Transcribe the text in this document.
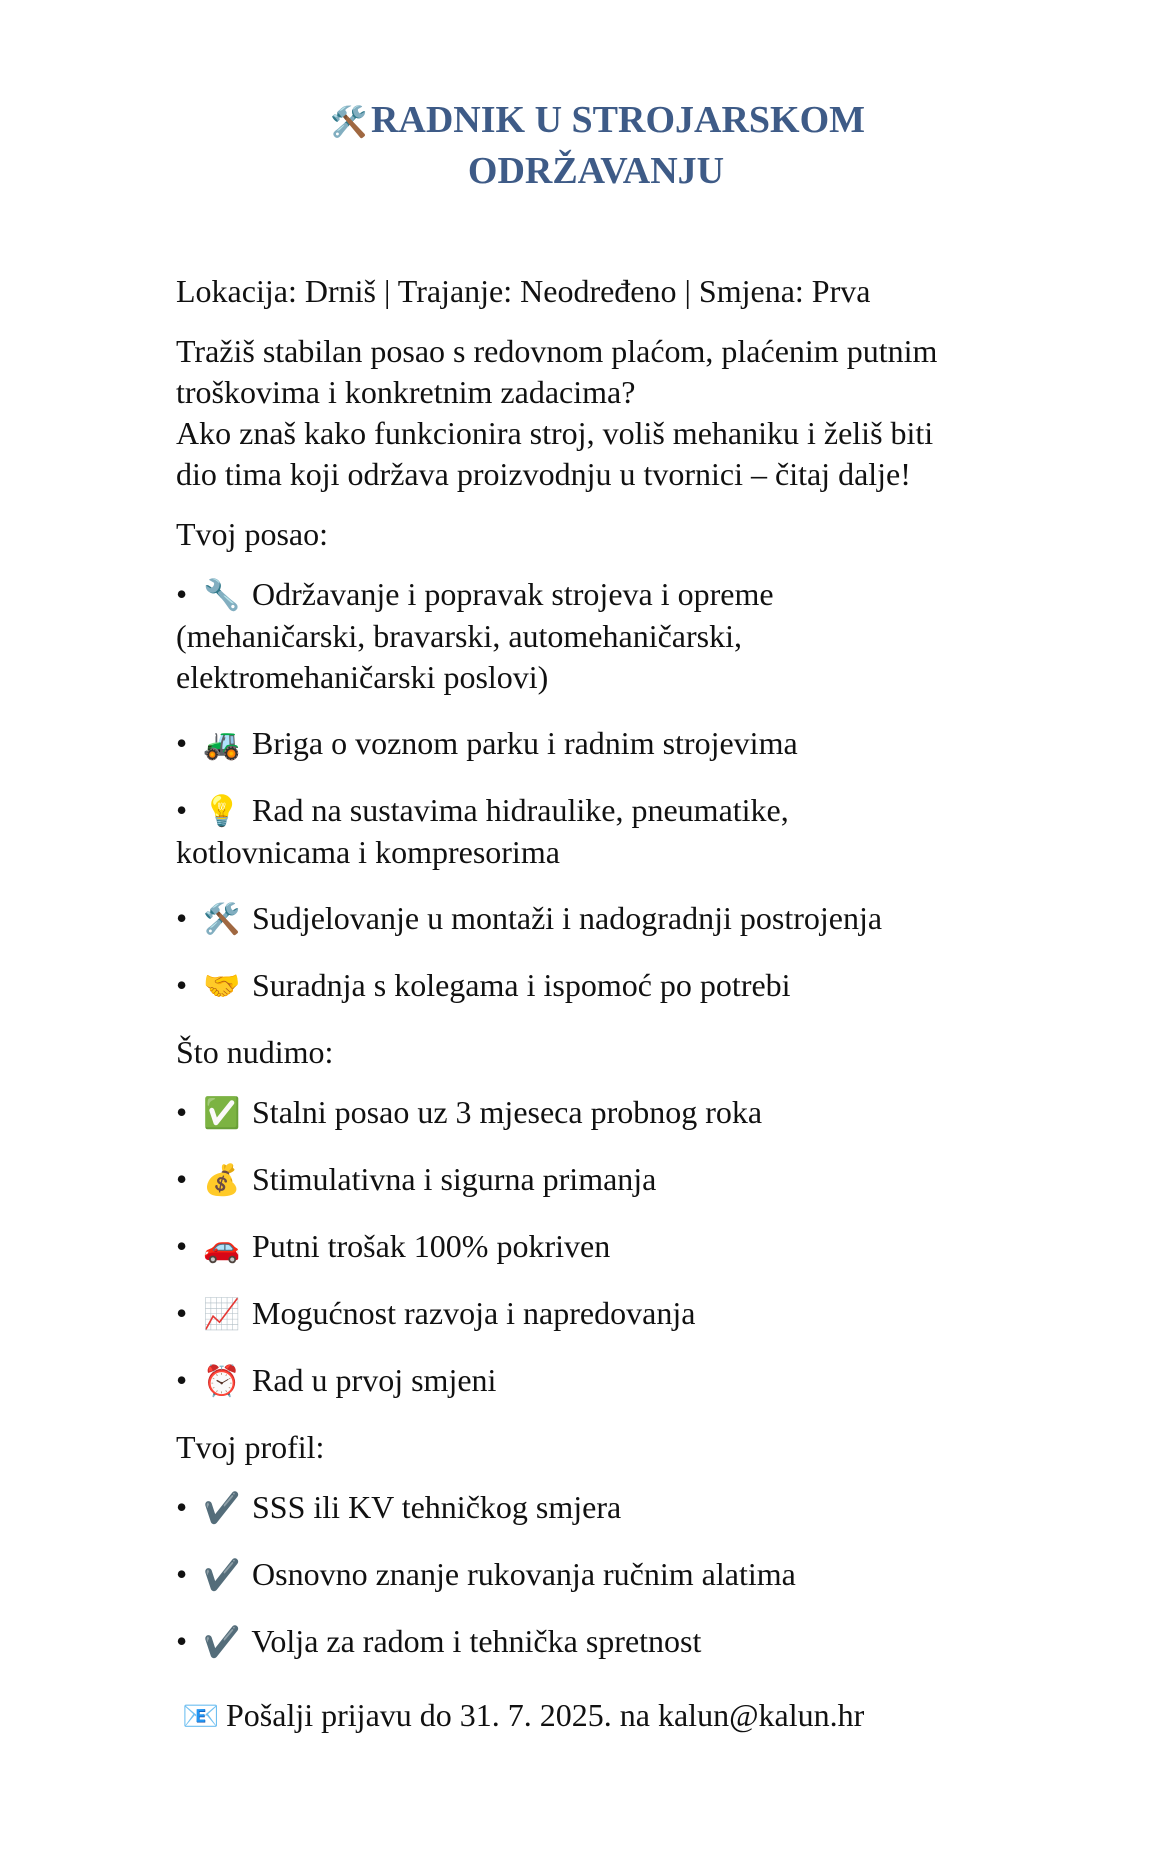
🛠️RADNIK U STROJARSKOM
ODRŽAVANJU

Lokacija: Drniš | Trajanje: Neodređeno | Smjena: Prva

Tražiš stabilan posao s redovnom plaćom, plaćenim putnim
troškovima i konkretnim zadacima?
Ako znaš kako funkcionira stroj, voliš mehaniku i želiš biti
dio tima koji održava proizvodnju u tvornici – čitaj dalje!

Tvoj posao:

• 🔧 Održavanje i popravak strojeva i opreme
(mehaničarski, bravarski, automehaničarski,
elektromehaničarski poslovi)

• 🚜 Briga o voznom parku i radnim strojevima

• 💡 Rad na sustavima hidraulike, pneumatike,
kotlovnicama i kompresorima

• 🛠️ Sudjelovanje u montaži i nadogradnji postrojenja

• 🤝 Suradnja s kolegama i ispomoć po potrebi

Što nudimo:

• ✅ Stalni posao uz 3 mjeseca probnog roka

• 💰 Stimulativna i sigurna primanja

• 🚗 Putni trošak 100% pokriven

• 📈 Mogućnost razvoja i napredovanja

• ⏰ Rad u prvoj smjeni

Tvoj profil:

• ✔️ SSS ili KV tehničkog smjera

• ✔️ Osnovno znanje rukovanja ručnim alatima

• ✔️ Volja za radom i tehnička spretnost

📧 Pošalji prijavu do 31. 7. 2025. na kalun@kalun.hr
